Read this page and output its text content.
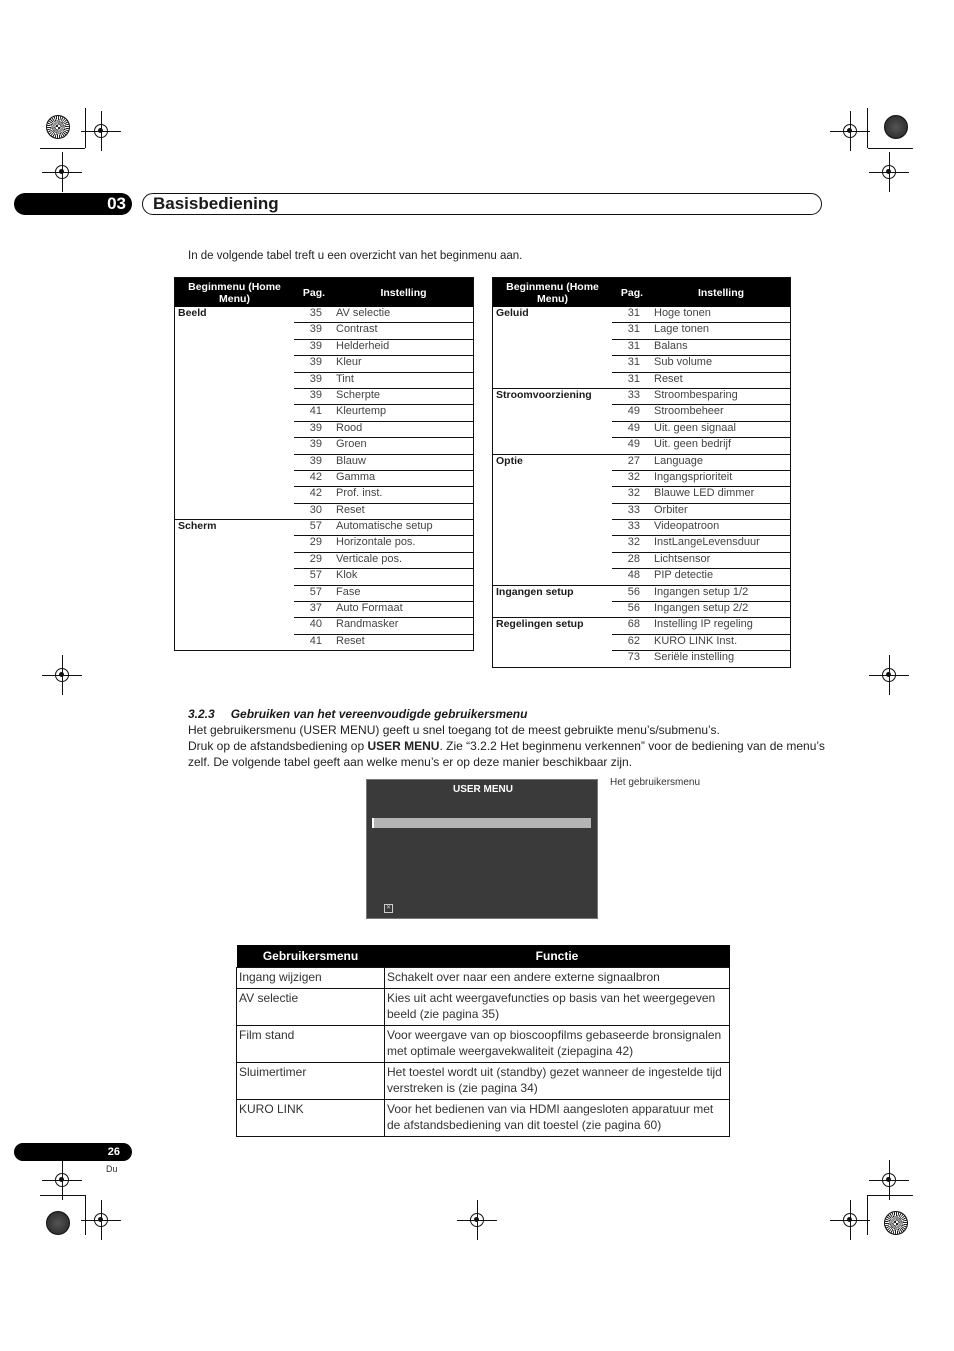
03	Basisbediening
In de volgende tabel treft u een overzicht van het beginmenu aan.
Beginmenu (Home Menu)	Pag.	Instelling
Beeld	35	AV selectie
	39	Contrast
	39	Helderheid
	39	Kleur
	39	Tint
	39	Scherpte
	41	Kleurtemp
	39	Rood
	39	Groen
	39	Blauw
	42	Gamma
	42	Prof. inst.
	30	Reset
Scherm	57	Automatische setup
	29	Horizontale pos.
	29	Verticale pos.
	57	Klok
	57	Fase
	37	Auto Formaat
	40	Randmasker
	41	Reset
Beginmenu (Home Menu)	Pag.	Instelling
Geluid	31	Hoge tonen
	31	Lage tonen
	31	Balans
	31	Sub volume
	31	Reset
Stroomvoorziening	33	Stroombesparing
	49	Stroombeheer
	49	Uit. geen signaal
	49	Uit. geen bedrijf
Optie	27	Language
	32	Ingangsprioriteit
	32	Blauwe LED dimmer
	33	Orbiter
	33	Videopatroon
	32	InstLangeLevensduur
	28	Lichtsensor
	48	PIP detectie
Ingangen setup	56	Ingangen setup 1/2
	56	Ingangen setup 2/2
Regelingen setup	68	Instelling IP regeling
	62	KURO LINK Inst.
	73	Seriële instelling
3.2.3 Gebruiken van het vereenvoudigde gebruikersmenu
Het gebruikersmenu (USER MENU) geeft u snel toegang tot de meest gebruikte menu’s/submenu’s.
Druk op de afstandsbediening op USER MENU. Zie “3.2.2 Het beginmenu verkennen” voor de bediening van de menu’s zelf. De volgende tabel geeft aan welke menu’s er op deze manier beschikbaar zijn.
USER MENU
✕
Het gebruikersmenu
Gebruikersmenu	Functie
Ingang wijzigen	Schakelt over naar een andere externe signaalbron
AV selectie	Kies uit acht weergavefuncties op basis van het weergegeven beeld (zie pagina 35)
Film stand	Voor weergave van op bioscoopfilms gebaseerde bronsignalen met optimale weergavekwaliteit (ziepagina 42)
Sluimertimer	Het toestel wordt uit (standby) gezet wanneer de ingestelde tijd verstreken is (zie pagina 34)
KURO LINK	Voor het bedienen van via HDMI aangesloten apparatuur met de afstandsbediening van dit toestel (zie pagina 60)
26
Du
